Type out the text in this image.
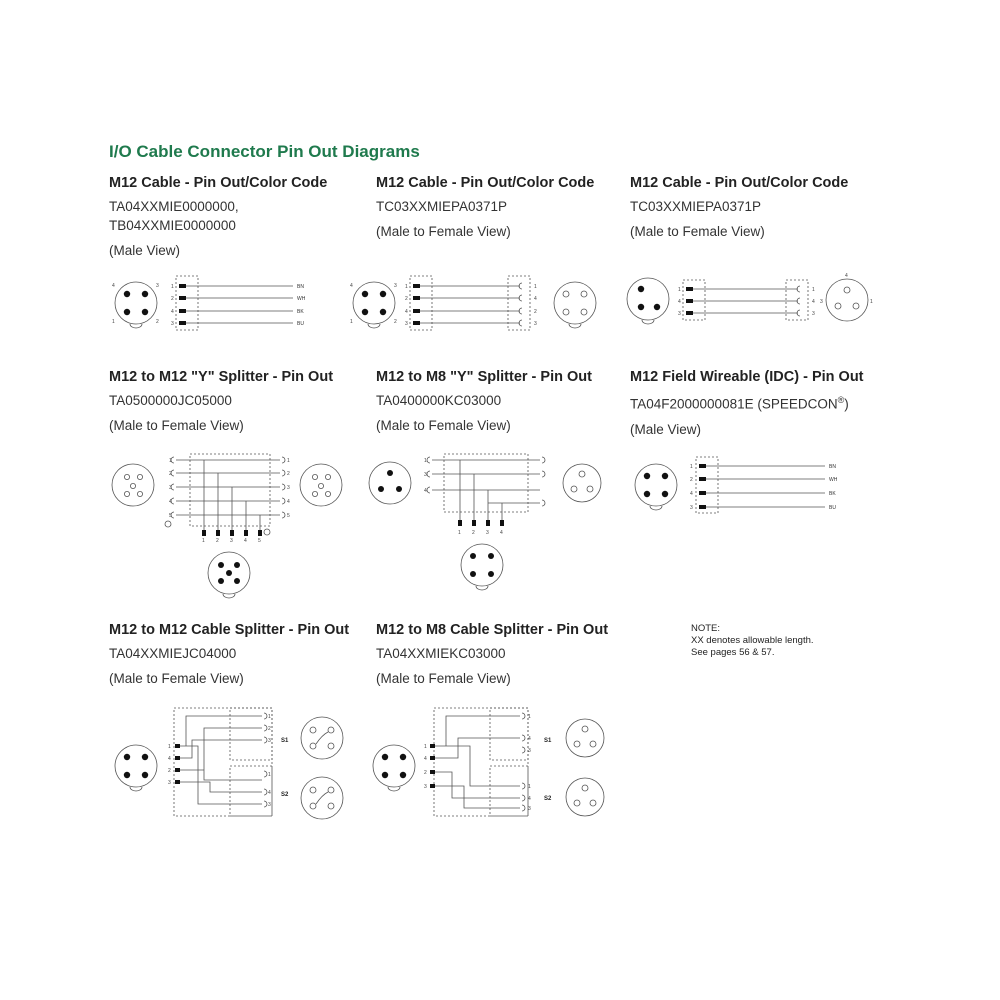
I/O Cable Connector Pin Out Diagrams
M12 Cable - Pin Out/Color Code
TA04XXMIE0000000,
TB04XXMIE0000000
(Male View)
M12 Cable - Pin Out/Color Code
TC03XXMIEPA0371P
(Male to Female View)
M12 Cable - Pin Out/Color Code
TC03XXMIEPA0371P
(Male to Female View)
M12 to M12 "Y" Splitter - Pin Out
TA0500000JC05000
(Male to Female View)
M12 to M8 "Y" Splitter - Pin Out
TA0400000KC03000
(Male to Female View)
M12 Field Wireable (IDC) - Pin Out
TA04F2000000081E (SPEEDCON®)
(Male View)
M12 to M12 Cable Splitter - Pin Out
TA04XXMIEJC04000
(Male to Female View)
M12 to M8 Cable Splitter - Pin Out
TA04XXMIEKC03000
(Male to Female View)
NOTE:
XX denotes allowable length.
See pages 56 & 57.
4	3
1	2
1
2
4
3
BN
WH
BK
BU
4	3
1	2
1
2
4
3
1
4
2
3
1
4
3
1
4
3
4
3	1
1
2
3
4
5
1
2
3
4
5
1 2 3 4 5
1
3
4
1 2 3 4
1
2
4
3
BN
WH
BK
BU
1
4
2
3
1
2
3
1
4
3
S1
S2
1
4
2
3
1
4
3
1
4
3
S1
S2
